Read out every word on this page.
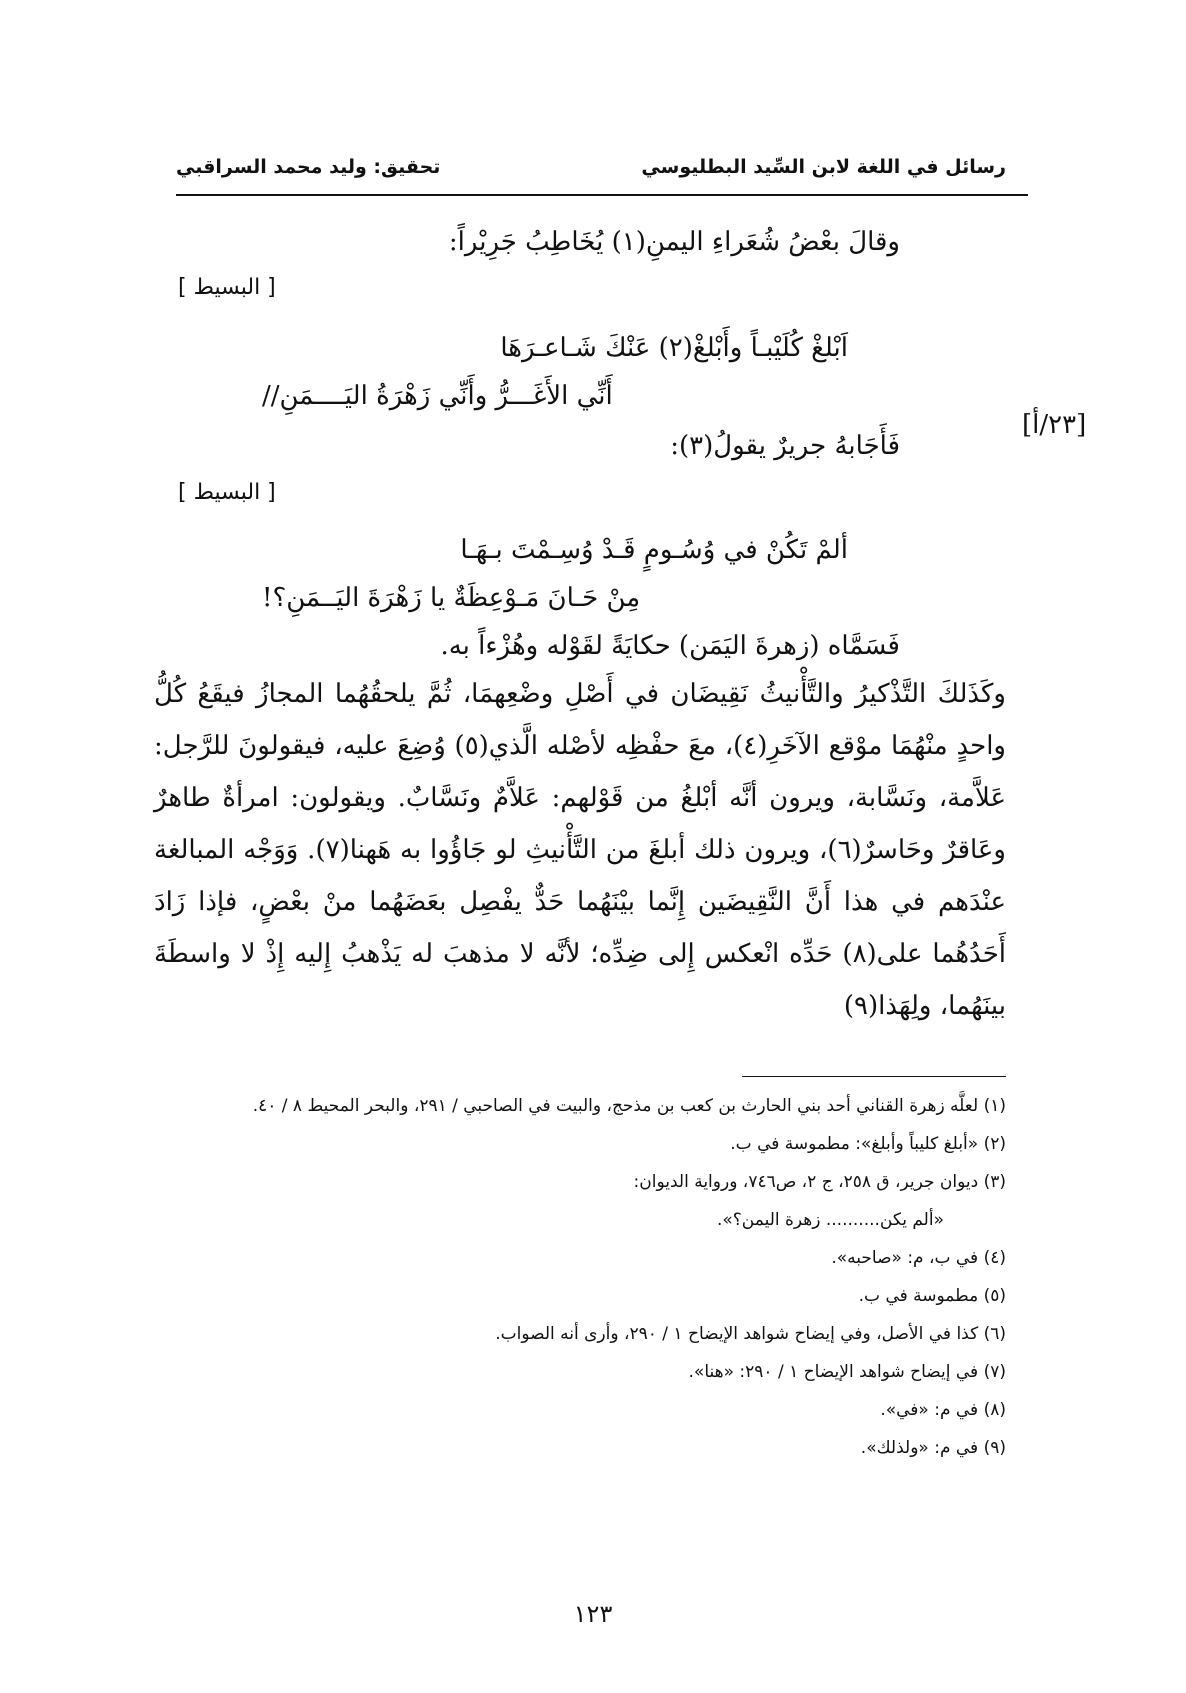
رسائل في اللغة لابن السِّيد البطليوسي
تحقيق: وليد محمد السراقبي
وقالَ بعْضُ شُعَراءِ اليمنِ(١) يُخَاطِبُ جَرِيْراً:
[ البسيط ]
اَبْلغْ كُلَيْبـاً وأَبْلغْ(٢) عَنْكَ شَـاعـرَهَا
أَنِّي الأَغَـــرُّ وأَنِّي زَهْرَةُ اليَــــمَنِ//
[٢٣/أ]
فَأَجَابهُ جريرٌ يقولُ(٣):
[ البسيط ]
ألمْ تَكُنْ في وُسُـومٍ قَـدْ وُسِـمْتَ بـهَـا
مِنْ حَـانَ مَـوْعِظَةٌ يا زَهْرَةَ اليَــمَنِ؟!
فَسَمَّاه (زهرةَ اليَمَن) حكايَةً لقَوْله وهُزْءاً به.
وكَذَلكَ التَّذْكيرُ والتَّأْنيثُ نَقِيضَان في أَصْلِ وضْعِهمَا، ثُمَّ يلحقُهُما المجازُ فيقَعُ كُلُّ واحدٍ منْهُمَا موْقع الآخَرِ(٤)، معَ حفْظِه لأصْله الَّذي(٥) وُضِعَ عليه، فيقولونَ للرَّجل: عَلاَّمة، ونَسَّابة، ويرون أنَّه أبْلغُ من قَوْلهم: عَلاَّمٌ ونَسَّابٌ. ويقولون: امرأةٌ طاهرٌ وعَاقرٌ وحَاسرٌ(٦)، ويرون ذلك أبلغَ من التَّأْنيثِ لو جَاؤُوا به هَهنا(٧). وَوَجْه المبالغة عنْدَهم في هذا أَنَّ النَّقِيضَين إِنَّما بيْنَهُما حَدٌّ يفْصِل بعَضَهُما منْ بعْضٍ، فإذا زَادَ أَحَدُهُما على(٨) حَدِّه انْعكس إِلى ضِدِّه؛ لأنَّه لا مذهبَ له يَذْهبُ إِليه إِذْ لا واسطَةَ بينَهُما، ولِهَذا(٩)

(١) لعلَّه زهرة القناني أحد بني الحارث بن كعب بن مذحج، والبيت في الصاحبي / ٢٩١، والبحر المحيط ٨ / ٤٠.

(٢) «أبلغ كليباً وأبلغ»: مطموسة في ب.

(٣) ديوان جرير، ق ٢٥٨، ج ٢، ص٧٤٦، ورواية الديوان:

«ألم يكن.......... زهرة اليمن؟».

(٤) في ب، م: «صاحبه».

(٥) مطموسة في ب.

(٦) كذا في الأصل، وفي إيضاح شواهد الإيضاح ١ / ٢٩٠، وأرى أنه الصواب.

(٧) في إيضاح شواهد الإيضاح ١ / ٢٩٠: «هنا».

(٨) في م: «في».

(٩) في م: «ولذلك».

١٢٣
